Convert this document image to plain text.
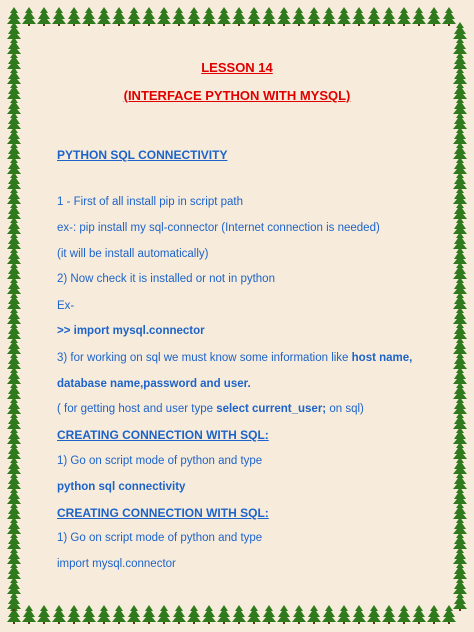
LESSON 14
(INTERFACE PYTHON WITH MYSQL)
PYTHON SQL CONNECTIVITY
1 - First of all install pip in script path
ex-: pip install my sql-connector (Internet connection is needed)
(it will be install automatically)
2) Now check it is installed or not in python
Ex-
>> import mysql.connector
3) for working on sql we must know some information like host name,
database name,password and user.
( for getting host and user type select current_user; on sql)
CREATING CONNECTION WITH SQL:
1) Go on script mode of python and type
python sql connectivity
CREATING CONNECTION WITH SQL:
1) Go on script mode of python and type
import mysql.connector
